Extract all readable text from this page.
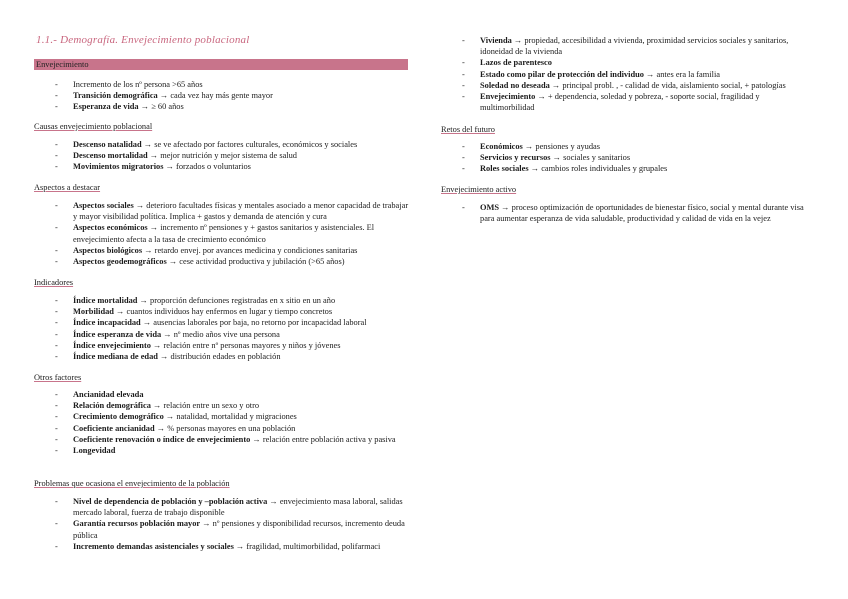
1.1.- Demografía. Envejecimiento poblacional
Envejecimiento
- Incremento de los nº persona >65 años
- Transición demográfica → cada vez hay más gente mayor
- Esperanza de vida → ≥ 60 años
Causas envejecimiento poblacional
- Descenso natalidad → se ve afectado por factores culturales, económicos y sociales
- Descenso mortalidad → mejor nutrición y mejor sistema de salud
- Movimientos migratorios → forzados o voluntarios
Aspectos a destacar
- Aspectos sociales → deterioro facultades físicas y mentales asociado a menor capacidad de trabajar y mayor visibilidad política. Implica + gastos y demanda de atención y cura
- Aspectos económicos → incremento nº pensiones y + gastos sanitarios y asistenciales. El envejecimiento afecta a la tasa de crecimiento económico
- Aspectos biológicos → retardo envej. por avances medicina y condiciones sanitarias
- Aspectos geodemográficos → cese actividad productiva y jubilación (>65 años)
Indicadores
- Índice mortalidad → proporción defunciones registradas en x sitio en un año
- Morbilidad → cuantos individuos hay enfermos en lugar y tiempo concretos
- Índice incapacidad → ausencias laborales por baja, no retorno por incapacidad laboral
- Índice esperanza de vida → nº medio años vive una persona
- Índice envejecimiento → relación entre nº personas mayores y niños y jóvenes
- Índice mediana de edad → distribución edades en población
Otros factores
- Ancianidad elevada
- Relación demográfica → relación entre un sexo y otro
- Crecimiento demográfico → natalidad, mortalidad y migraciones
- Coeficiente ancianidad → % personas mayores en una población
- Coeficiente renovación o índice de envejecimiento → relación entre población activa y pasiva
- Longevidad
Problemas que ocasiona el envejecimiento de la población
- Nivel de dependencia de población y –población activa → envejecimiento masa laboral, salidas mercado laboral, fuerza de trabajo disponible
- Garantía recursos población mayor → nº pensiones y disponibilidad recursos, incremento deuda pública
- Incremento demandas asistenciales y sociales → fragilidad, multimorbilidad, polifarmaci
- Vivienda → propiedad, accesibilidad a vivienda, proximidad servicios sociales y sanitarios, idoneidad de la vivienda
- Lazos de parentesco
- Estado como pilar de protección del individuo → antes era la familia
- Soledad no deseada → principal probl. , - calidad de vida, aislamiento social, + patologías
- Envejecimiento → + dependencia, soledad y pobreza, - soporte social, fragilidad y multimorbilidad
Retos del futuro
- Económicos → pensiones y ayudas
- Servicios y recursos → sociales y sanitarios
- Roles sociales → cambios roles individuales y grupales
Envejecimiento activo
- OMS → proceso optimización de oportunidades de bienestar físico, social y mental durante visa para aumentar esperanza de vida saludable, productividad y calidad de vida en la vejez
